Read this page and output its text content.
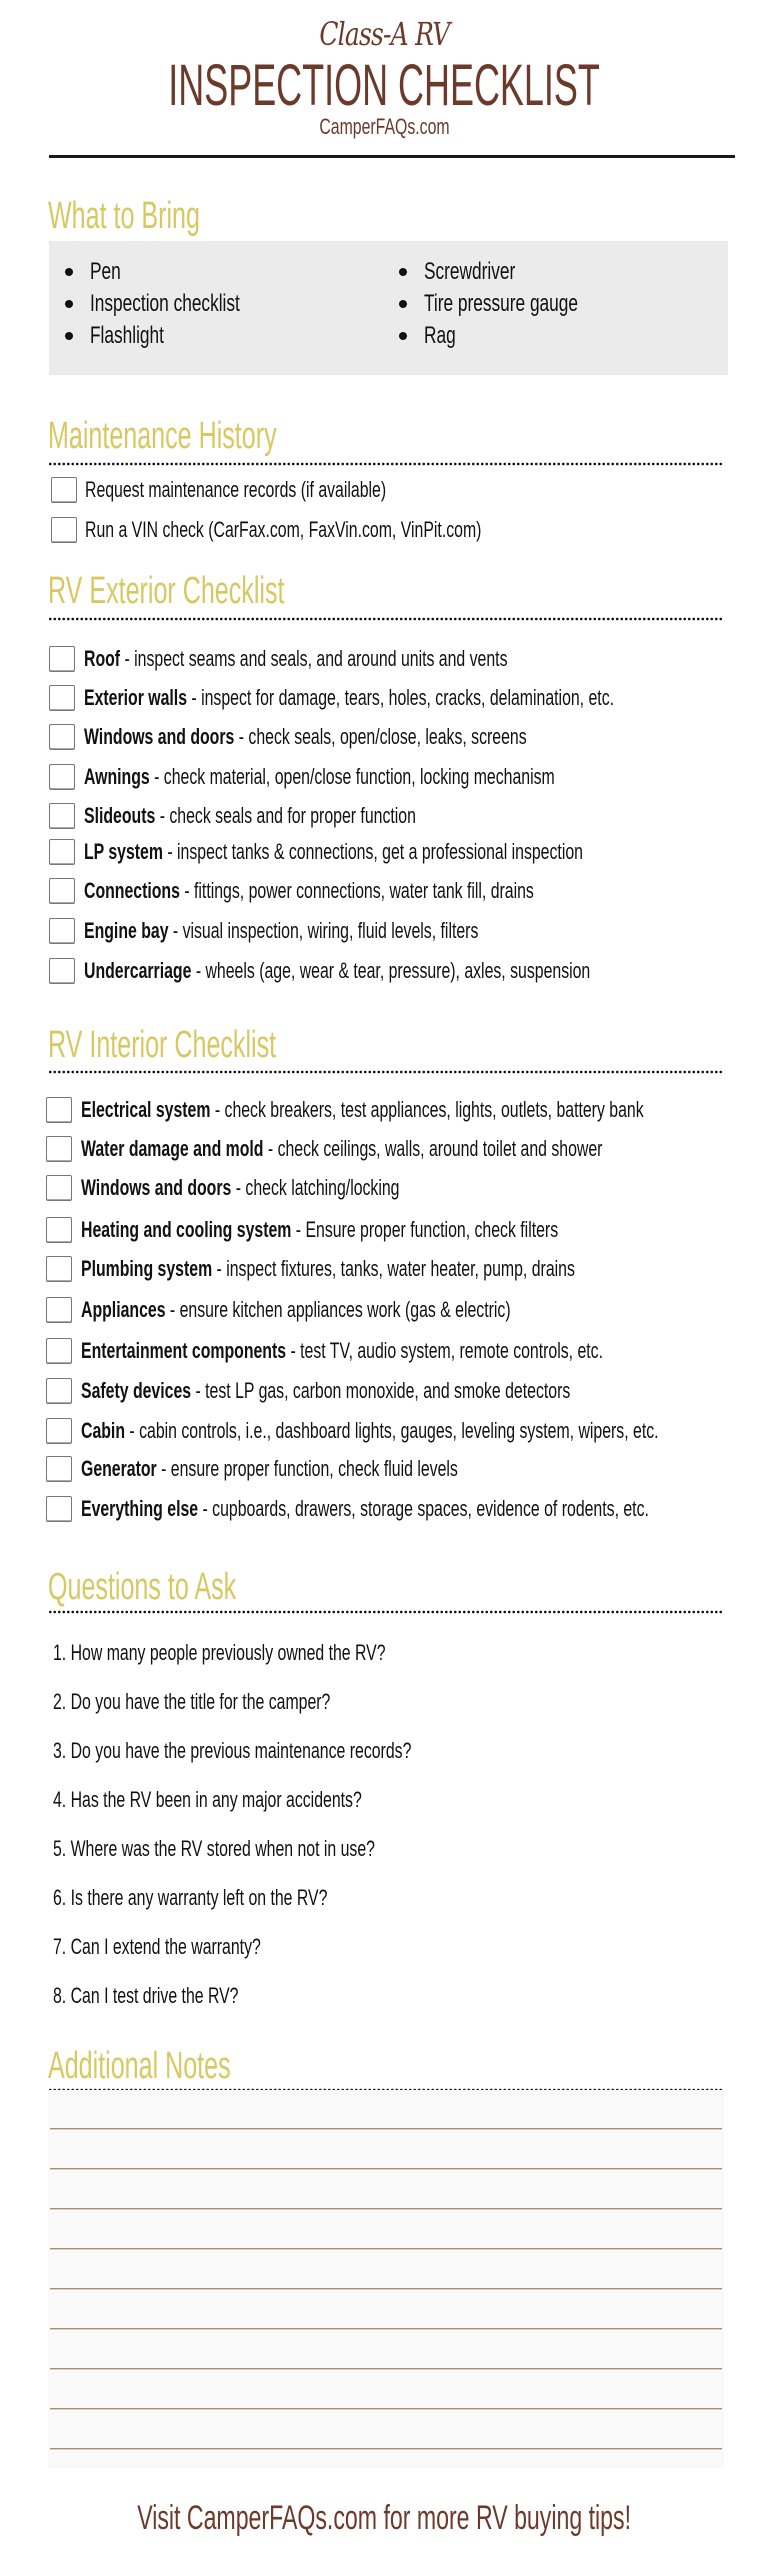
Class-A RV
INSPECTION CHECKLIST
CamperFAQs.com
What to Bring
Pen
Inspection checklist
Flashlight
Screwdriver
Tire pressure gauge
Rag
Maintenance History
Request maintenance records (if available)
Run a VIN check (CarFax.com, FaxVin.com, VinPit.com)
RV Exterior Checklist
Roof - inspect seams and seals, and around units and vents
Exterior walls - inspect for damage, tears, holes, cracks, delamination, etc.
Windows and doors - check seals, open/close, leaks, screens
Awnings - check material, open/close function, locking mechanism
Slideouts - check seals and for proper function
LP system - inspect tanks & connections, get a professional inspection
Connections - fittings, power connections, water tank fill, drains
Engine bay - visual inspection, wiring, fluid levels, filters
Undercarriage - wheels (age, wear & tear, pressure), axles, suspension
RV Interior Checklist
Electrical system - check breakers, test appliances, lights, outlets, battery bank
Water damage and mold - check ceilings, walls, around toilet and shower
Windows and doors - check latching/locking
Heating and cooling system - Ensure proper function, check filters
Plumbing system - inspect fixtures, tanks, water heater, pump, drains
Appliances - ensure kitchen appliances work (gas & electric)
Entertainment components - test TV, audio system, remote controls, etc.
Safety devices - test LP gas, carbon monoxide, and smoke detectors
Cabin - cabin controls, i.e., dashboard lights, gauges, leveling system, wipers, etc.
Generator - ensure proper function, check fluid levels
Everything else - cupboards, drawers, storage spaces, evidence of rodents, etc.
Questions to Ask
1. How many people previously owned the RV?
2. Do you have the title for the camper?
3. Do you have the previous maintenance records?
4. Has the RV been in any major accidents?
5. Where was the RV stored when not in use?
6. Is there any warranty left on the RV?
7. Can I extend the warranty?
8. Can I test drive the RV?
Additional Notes
Visit CamperFAQs.com for more RV buying tips!
